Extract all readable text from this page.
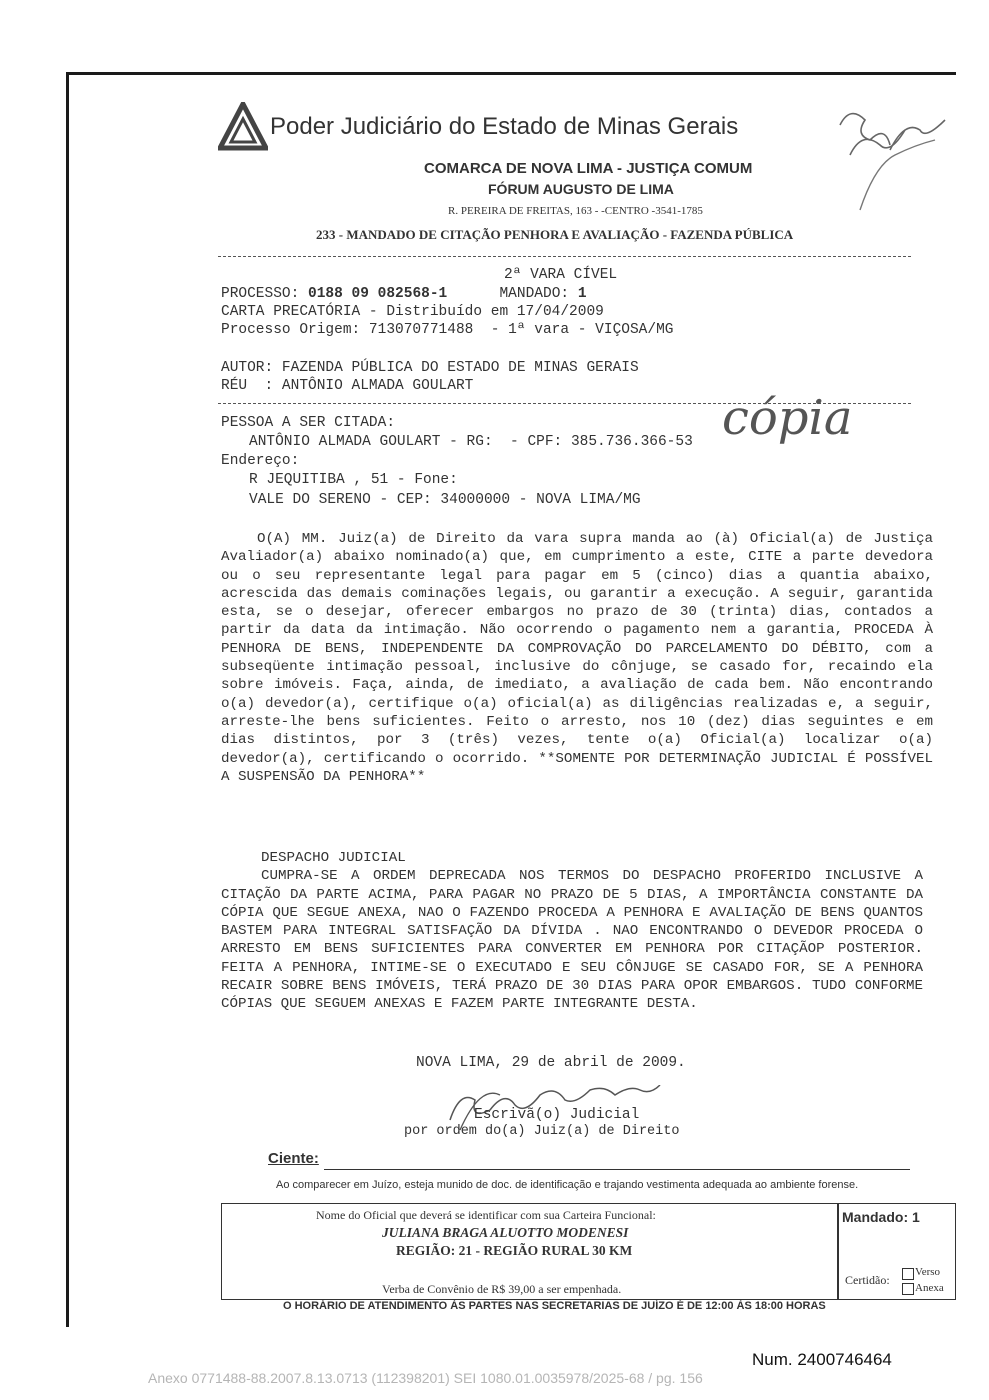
Poder Judiciário do Estado de Minas Gerais
COMARCA DE NOVA LIMA - JUSTIÇA COMUM
FÓRUM AUGUSTO DE LIMA
R. PEREIRA DE FREITAS, 163 - -CENTRO -3541-1785
233 - MANDADO DE CITAÇÃO PENHORA E AVALIAÇÃO - FAZENDA PÚBLICA
2ª VARA CÍVEL
PROCESSO: 0188 09 082568-1	MANDADO: 1
CARTA PRECATÓRIA - Distribuído em 17/04/2009
Processo Origem: 713070771488  - 1ª vara - VIÇOSA/MG
AUTOR: FAZENDA PÚBLICA DO ESTADO DE MINAS GERAIS
RÉU  : ANTÔNIO ALMADA GOULART
PESSOA A SER CITADA:
ANTÔNIO ALMADA GOULART - RG:  - CPF: 385.736.366-53
Endereço:
R JEQUITIBA , 51 - Fone:
VALE DO SERENO - CEP: 34000000 - NOVA LIMA/MG
cópia

O(A) MM. Juiz(a) de Direito da vara supra manda ao (à) Oficial(a) de Justiça Avaliador(a) abaixo nominado(a) que, em cumprimento a este, CITE a parte devedora ou o seu representante legal para pagar em 5 (cinco) dias a quantia abaixo, acrescida das demais cominações legais, ou garantir a execução. A seguir, garantida esta, se o desejar, oferecer embargos no prazo de 30 (trinta) dias, contados a partir da data da intimação. Não ocorrendo o pagamento nem a garantia, PROCEDA À PENHORA DE BENS, INDEPENDENTE DA COMPROVAÇÃO DO PARCELAMENTO DO DÉBITO, com a subseqüente intimação pessoal, inclusive do cônjuge, se casado for, recaindo ela sobre imóveis. Faça, ainda, de imediato, a avaliação de cada bem. Não encontrando o(a) devedor(a), certifique o(a) oficial(a) as diligências realizadas e, a seguir, arreste-lhe bens suficientes. Feito o arresto, nos 10 (dez) dias seguintes e em dias distintos, por 3 (três) vezes, tente o(a) Oficial(a) localizar o(a) devedor(a), certificando o ocorrido. **SOMENTE POR DETERMINAÇÃO JUDICIAL É POSSÍVEL A SUSPENSÃO DA PENHORA**

DESPACHO JUDICIAL

CUMPRA-SE A ORDEM DEPRECADA NOS TERMOS DO DESPACHO PROFERIDO INCLUSIVE A CITAÇÃO DA PARTE ACIMA, PARA PAGAR NO PRAZO DE 5 DIAS, A IMPORTÂNCIA CONSTANTE DA CÓPIA QUE SEGUE ANEXA, NAO O FAZENDO PROCEDA A PENHORA E AVALIAÇÃO DE BENS QUANTOS BASTEM PARA INTEGRAL SATISFAÇÃO DA DÍVIDA . NAO ENCONTRANDO O DEVEDOR PROCEDA O ARRESTO EM BENS SUFICIENTES PARA CONVERTER EM PENHORA POR CITAÇÃOP POSTERIOR. FEITA A PENHORA, INTIME-SE O EXECUTADO E SEU CÔNJUGE SE CASADO FOR, SE A PENHORA RECAIR SOBRE BENS IMÓVEIS, TERÁ PRAZO DE 30 DIAS PARA OPOR EMBARGOS. TUDO CONFORME CÓPIAS QUE SEGUEM ANEXAS E FAZEM PARTE INTEGRANTE DESTA.

NOVA LIMA, 29 de abril de 2009.
Escrivã(o) Judicial
por ordem do(a) Juiz(a) de Direito
Ciente:
Ao comparecer em Juízo, esteja munido de doc. de identificação e trajando vestimenta adequada ao ambiente forense.
Nome do Oficial que deverá se identificar com sua Carteira Funcional:
JULIANA BRAGA ALUOTTO MODENESI
REGIÃO: 21 - REGIÃO RURAL 30 KM
Verba de Convênio de R$ 39,00 a ser empenhada.
Mandado: 1
Certidão:
Verso
Anexa
O HORÁRIO DE ATENDIMENTO ÀS PARTES NAS SECRETARIAS DE JUÍZO É DE 12:00 ÀS 18:00 HORAS
Num. 2400746464
Anexo 0771488-88.2007.8.13.0713 (112398201) SEI 1080.01.0035978/2025-68 / pg. 156
